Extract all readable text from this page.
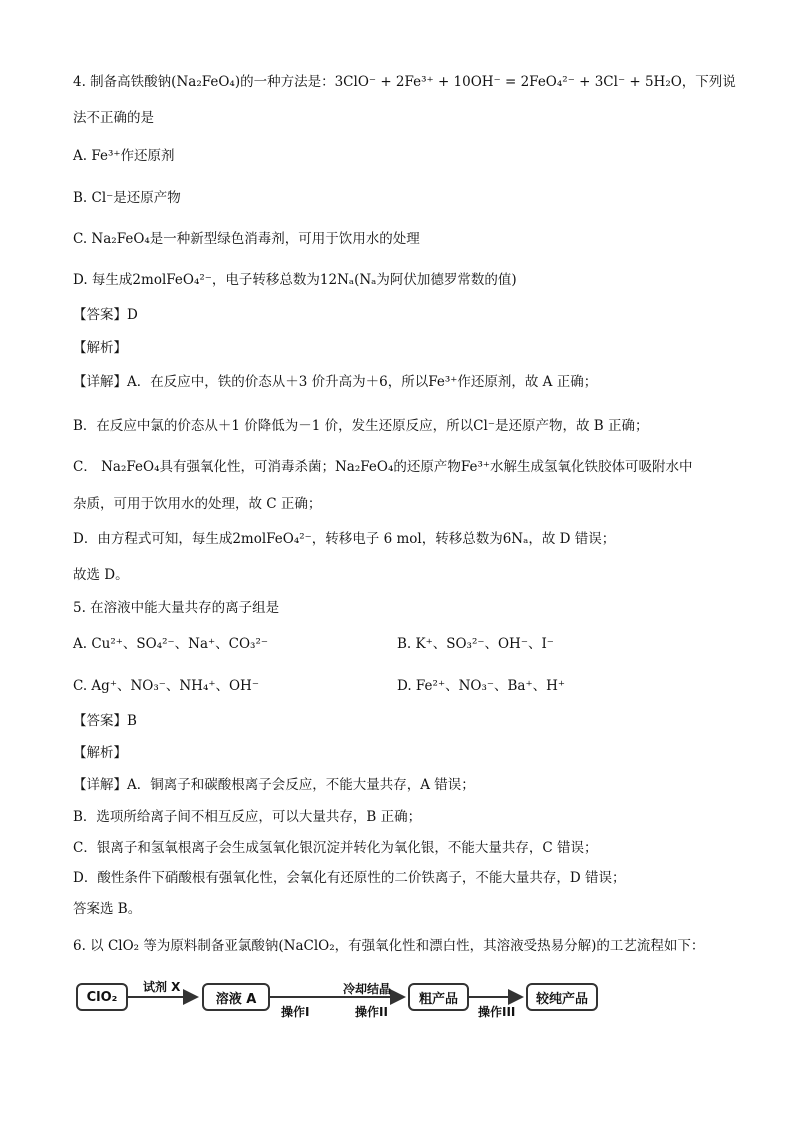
4. 制备高铁酸钠(Na₂FeO₄)的一种方法是：3ClO⁻ + 2Fe³⁺ + 10OH⁻ = 2FeO₄²⁻ + 3Cl⁻ + 5H₂O，下列说
法不正确的是
A. Fe³⁺作还原剂
B. Cl⁻是还原产物
C. Na₂FeO₄是一种新型绿色消毒剂，可用于饮用水的处理
D. 每生成2molFeO₄²⁻，电子转移总数为12Nₐ(Nₐ为阿伏加德罗常数的值)
【答案】D
【解析】
【详解】A．在反应中，铁的价态从＋3 价升高为＋6，所以Fe³⁺作还原剂，故 A 正确；
B．在反应中氯的价态从＋1 价降低为－1 价，发生还原反应，所以Cl⁻是还原产物，故 B 正确；
C． Na₂FeO₄具有强氧化性，可消毒杀菌；Na₂FeO₄的还原产物Fe³⁺水解生成氢氧化铁胶体可吸附水中
杂质，可用于饮用水的处理，故 C 正确；
D．由方程式可知，每生成2molFeO₄²⁻，转移电子 6 mol，转移总数为6Nₐ，故 D 错误；
故选 D。
5. 在溶液中能大量共存的离子组是
A. Cu²⁺、SO₄²⁻、Na⁺、CO₃²⁻	B. K⁺、SO₃²⁻、OH⁻、I⁻
C. Ag⁺、NO₃⁻、NH₄⁺、OH⁻	D. Fe²⁺、NO₃⁻、Ba⁺、H⁺
【答案】B
【解析】
【详解】A．铜离子和碳酸根离子会反应，不能大量共存，A 错误；
B．选项所给离子间不相互反应，可以大量共存，B 正确；
C．银离子和氢氧根离子会生成氢氧化银沉淀并转化为氧化银，不能大量共存，C 错误；
D．酸性条件下硝酸根有强氧化性，会氧化有还原性的二价铁离子，不能大量共存，D 错误；
答案选 B。
6. 以 ClO₂ 等为原料制备亚氯酸钠(NaClO₂，有强氧化性和漂白性，其溶液受热易分解)的工艺流程如下：
ClO₂	溶液 A	粗产品	较纯产品
试剂 X
操作I
冷却结晶
操作II	操作III
